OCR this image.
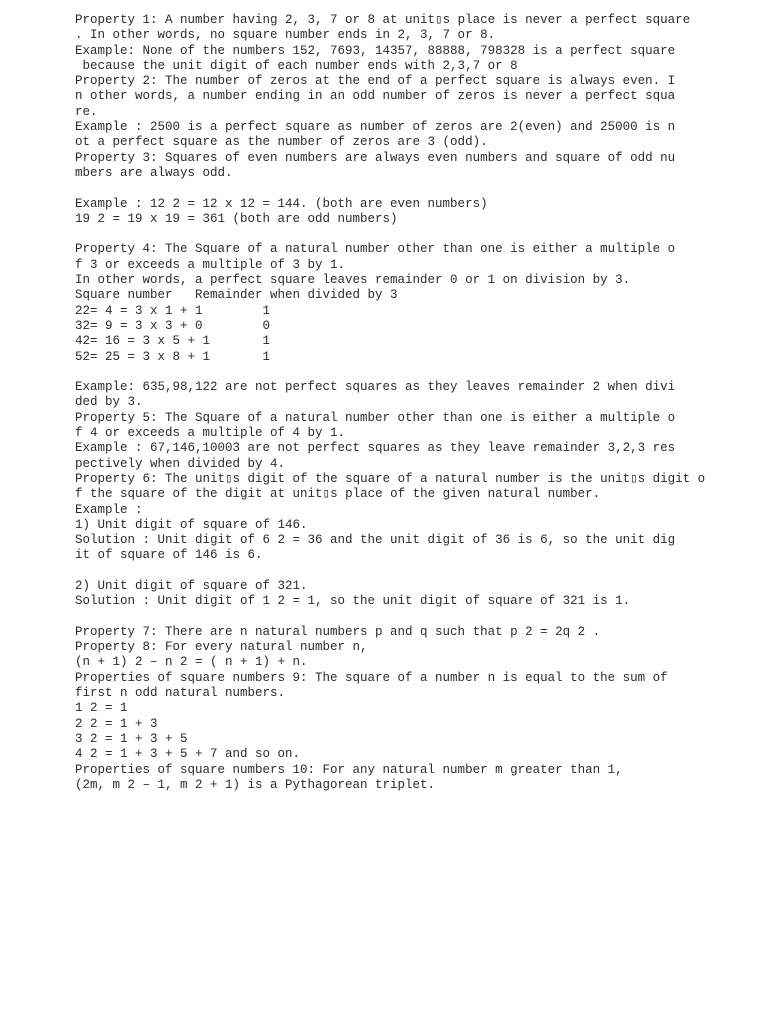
Property 1: A number having 2, 3, 7 or 8 at unit▯s place is never a perfect square
. In other words, no square number ends in 2, 3, 7 or 8.
Example: None of the numbers 152, 7693, 14357, 88888, 798328 is a perfect square
because the unit digit of each number ends with 2,3,7 or 8
Property 2: The number of zeros at the end of a perfect square is always even. I
n other words, a number ending in an odd number of zeros is never a perfect squa
re.
Example : 2500 is a perfect square as number of zeros are 2(even) and 25000 is n
ot a perfect square as the number of zeros are 3 (odd).
Property 3: Squares of even numbers are always even numbers and square of odd nu
mbers are always odd.

Example : 12 2 = 12 x 12 = 144. (both are even numbers)
19 2 = 19 x 19 = 361 (both are odd numbers)

Property 4: The Square of a natural number other than one is either a multiple o
f 3 or exceeds a multiple of 3 by 1.
In other words, a perfect square leaves remainder 0 or 1 on division by 3.
Square number   Remainder when divided by 3
22= 4 = 3 x 1 + 1        1
32= 9 = 3 x 3 + 0        0
42= 16 = 3 x 5 + 1       1
52= 25 = 3 x 8 + 1       1

Example: 635,98,122 are not perfect squares as they leaves remainder 2 when divi
ded by 3.
Property 5: The Square of a natural number other than one is either a multiple o
f 4 or exceeds a multiple of 4 by 1.
Example : 67,146,10003 are not perfect squares as they leave remainder 3,2,3 res
pectively when divided by 4.
Property 6: The unit▯s digit of the square of a natural number is the unit▯s digit o
f the square of the digit at unit▯s place of the given natural number.
Example :
1) Unit digit of square of 146.
Solution : Unit digit of 6 2 = 36 and the unit digit of 36 is 6, so the unit dig
it of square of 146 is 6.

2) Unit digit of square of 321.
Solution : Unit digit of 1 2 = 1, so the unit digit of square of 321 is 1.

Property 7: There are n natural numbers p and q such that p 2 = 2q 2 .
Property 8: For every natural number n,
(n + 1) 2 – n 2 = ( n + 1) + n.
Properties of square numbers 9: The square of a number n is equal to the sum of
first n odd natural numbers.
1 2 = 1
2 2 = 1 + 3
3 2 = 1 + 3 + 5
4 2 = 1 + 3 + 5 + 7 and so on.
Properties of square numbers 10: For any natural number m greater than 1,
(2m, m 2 – 1, m 2 + 1) is a Pythagorean triplet.
